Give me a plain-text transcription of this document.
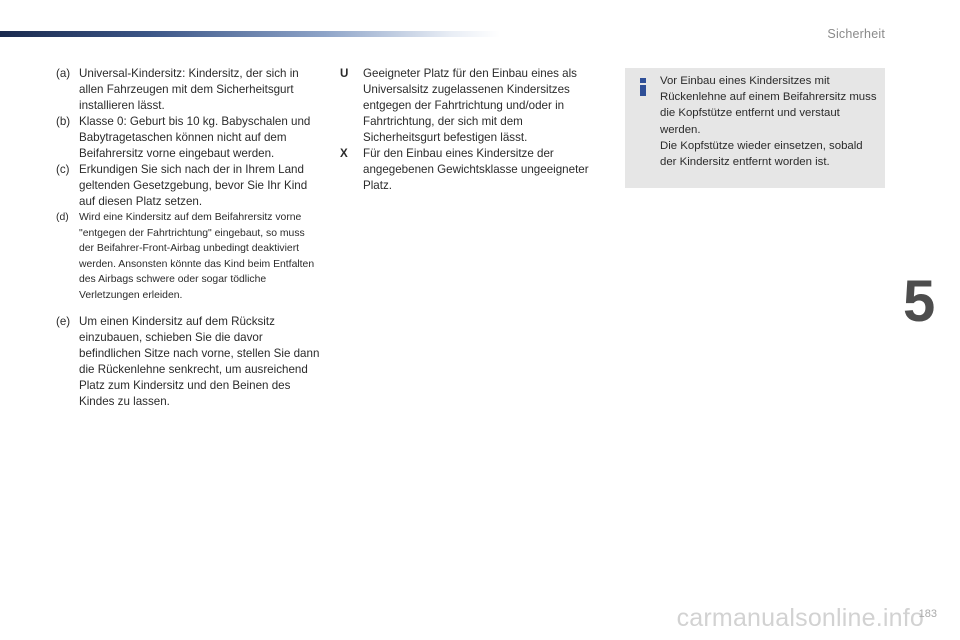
Sicherheit
(a) Universal-Kindersitz: Kindersitz, der sich in allen Fahrzeugen mit dem Sicherheitsgurt installieren lässt.
(b) Klasse 0: Geburt bis 10 kg. Babyschalen und Babytragetaschen können nicht auf dem Beifahrersitz vorne eingebaut werden.
(c) Erkundigen Sie sich nach der in Ihrem Land geltenden Gesetzgebung, bevor Sie Ihr Kind auf diesen Platz setzen.
(d) Wird eine Kindersitz auf dem Beifahrersitz vorne "entgegen der Fahrtrichtung" eingebaut, so muss der Beifahrer-Front-Airbag unbedingt deaktiviert werden. Ansonsten könnte das Kind beim Entfalten des Airbags schwere oder sogar tödliche Verletzungen erleiden.
(e) Um einen Kindersitz auf dem Rücksitz einzubauen, schieben Sie die davor befindlichen Sitze nach vorne, stellen Sie dann die Rückenlehne senkrecht, um ausreichend Platz zum Kindersitz und den Beinen des Kindes zu lassen.
U	Geeigneter Platz für den Einbau eines als Universalsitz zugelassenen Kindersitzes entgegen der Fahrtrichtung und/oder in Fahrtrichtung, der sich mit dem Sicherheitsgurt befestigen lässt.
X	Für den Einbau eines Kindersitze der angegebenen Gewichtsklasse ungeeigneter Platz.
Vor Einbau eines Kindersitzes mit Rückenlehne auf einem Beifahrersitz muss die Kopfstütze entfernt und verstaut werden.
Die Kopfstütze wieder einsetzen, sobald der Kindersitz entfernt worden ist.
5
carmanualsonline.info
183
